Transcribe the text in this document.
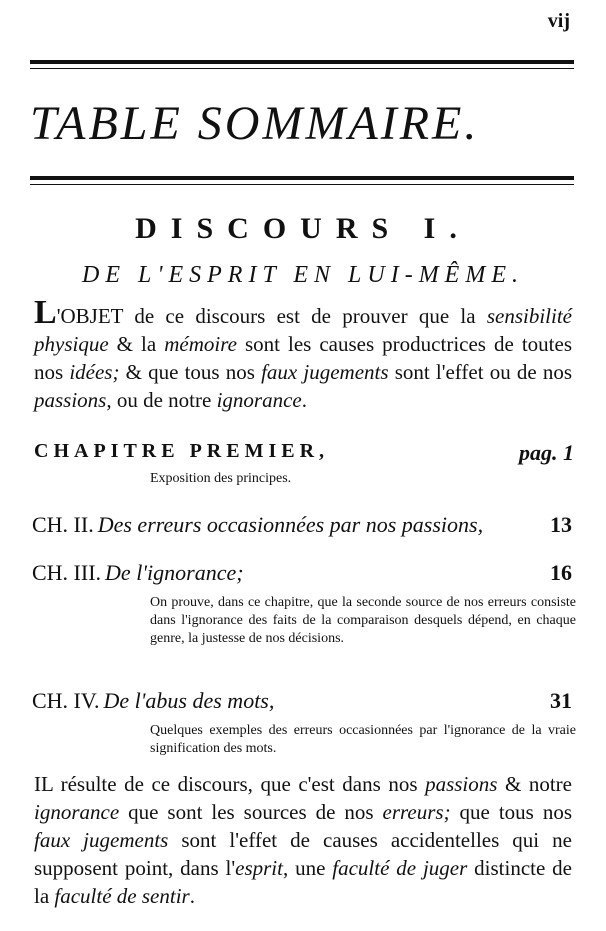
vij
TABLE SOMMAIRE.
DISCOURS I.
DE L'ESPRIT EN LUI-MÊME.
L'OBJET de ce discours est de prouver que la sensibilité physique & la mémoire sont les causes productrices de toutes nos idées; & que tous nos faux jugements sont l'effet ou de nos passions, ou de notre ignorance.
CHAPITRE PREMIER,	pag. 1
Exposition des principes.
CH. II. Des erreurs occasionnées par nos passions,	13
CH. III. De l'ignorance;	16
On prouve, dans ce chapitre, que la seconde source de nos erreurs consiste dans l'ignorance des faits de la comparaison desquels dépend, en chaque genre, la justesse de nos décisions.
CH. IV. De l'abus des mots,	31
Quelques exemples des erreurs occasionnées par l'ignorance de la vraie signification des mots.
IL résulte de ce discours, que c'est dans nos passions & notre ignorance que sont les sources de nos erreurs; que tous nos faux jugements sont l'effet de causes accidentelles qui ne supposent point, dans l'esprit, une faculté de juger distincte de la faculté de sentir.
